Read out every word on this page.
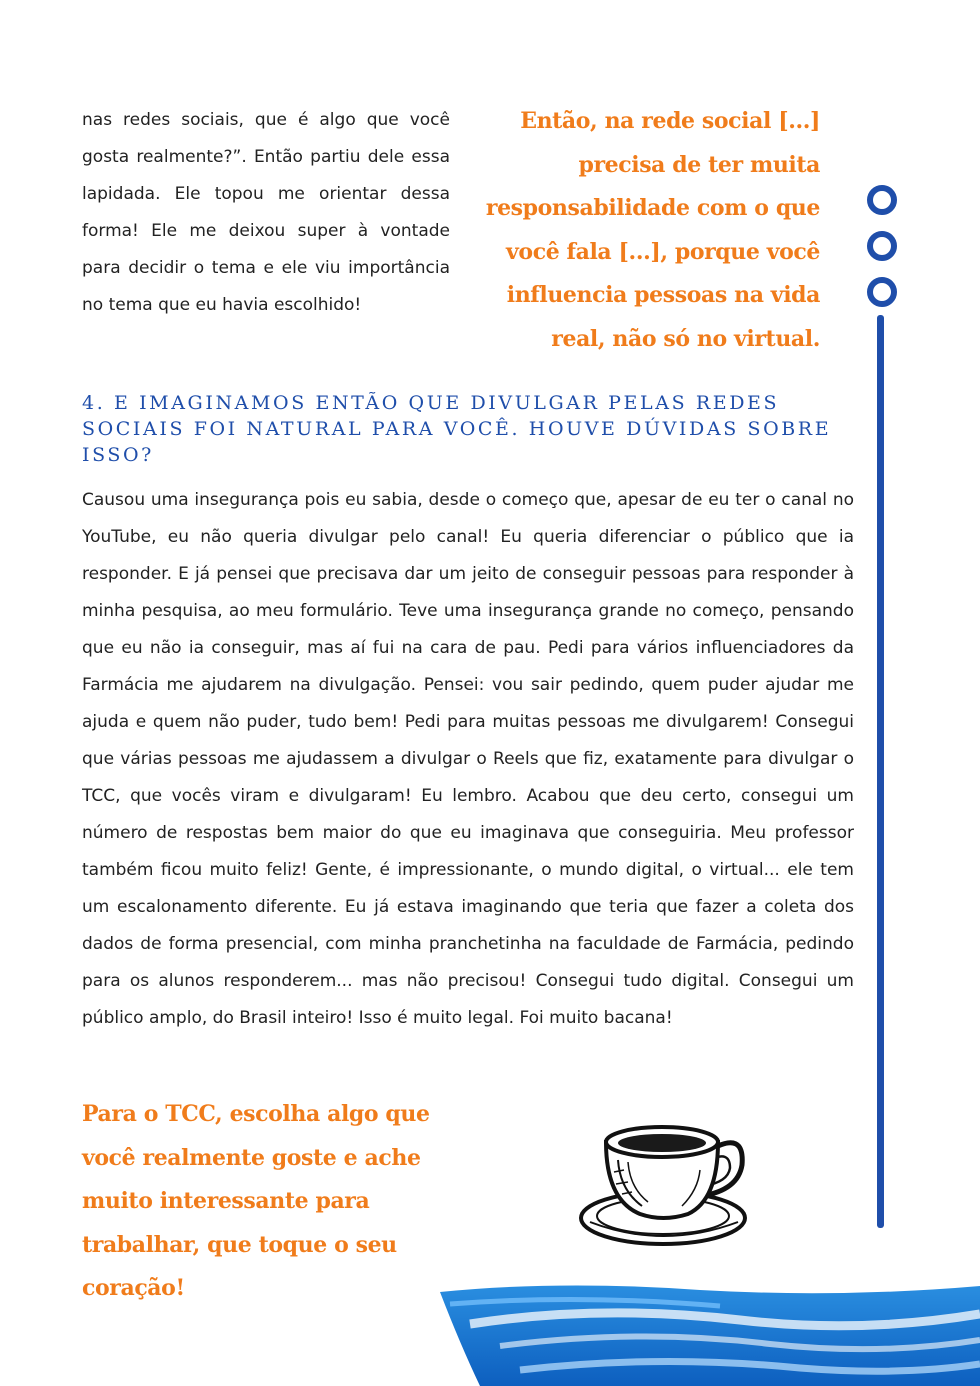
nas redes sociais, que é algo que você gosta realmente?”. Então partiu dele essa lapidada. Ele topou me orientar dessa forma! Ele me deixou super à vontade para decidir o tema e ele viu importância no tema que eu havia escolhido!

Então, na rede social [...] precisa de ter muita responsabilidade com o que você fala [...], porque você influencia pessoas na vida real, não só no virtual.

4. E IMAGINAMOS ENTÃO QUE DIVULGAR PELAS REDES SOCIAIS FOI NATURAL PARA VOCÊ. HOUVE DÚVIDAS SOBRE ISSO?

Causou uma insegurança pois eu sabia, desde o começo que, apesar de eu ter o canal no YouTube, eu não queria divulgar pelo canal! Eu queria diferenciar o público que ia responder. E já pensei que precisava dar um jeito de conseguir pessoas para responder à minha pesquisa, ao meu formulário. Teve uma insegurança grande no começo, pensando que eu não ia conseguir, mas aí fui na cara de pau. Pedi para vários influenciadores da Farmácia me ajudarem na divulgação. Pensei: vou sair pedindo, quem puder ajudar me ajuda e quem não puder, tudo bem! Pedi para muitas pessoas me divulgarem! Consegui que várias pessoas me ajudassem a divulgar o Reels que fiz, exatamente para divulgar o TCC, que vocês viram e divulgaram! Eu lembro. Acabou que deu certo, consegui um número de respostas bem maior do que eu imaginava que conseguiria. Meu professor também ficou muito feliz! Gente, é impressionante, o mundo digital, o virtual... ele tem um escalonamento diferente. Eu já estava imaginando que teria que fazer a coleta dos dados de forma presencial, com minha pranchetinha na faculdade de Farmácia, pedindo para os alunos responderem... mas não precisou! Consegui tudo digital. Consegui um público amplo, do Brasil inteiro! Isso é muito legal. Foi muito bacana!

Para o TCC, escolha algo que você realmente goste e ache muito interessante para trabalhar, que toque o seu coração!
